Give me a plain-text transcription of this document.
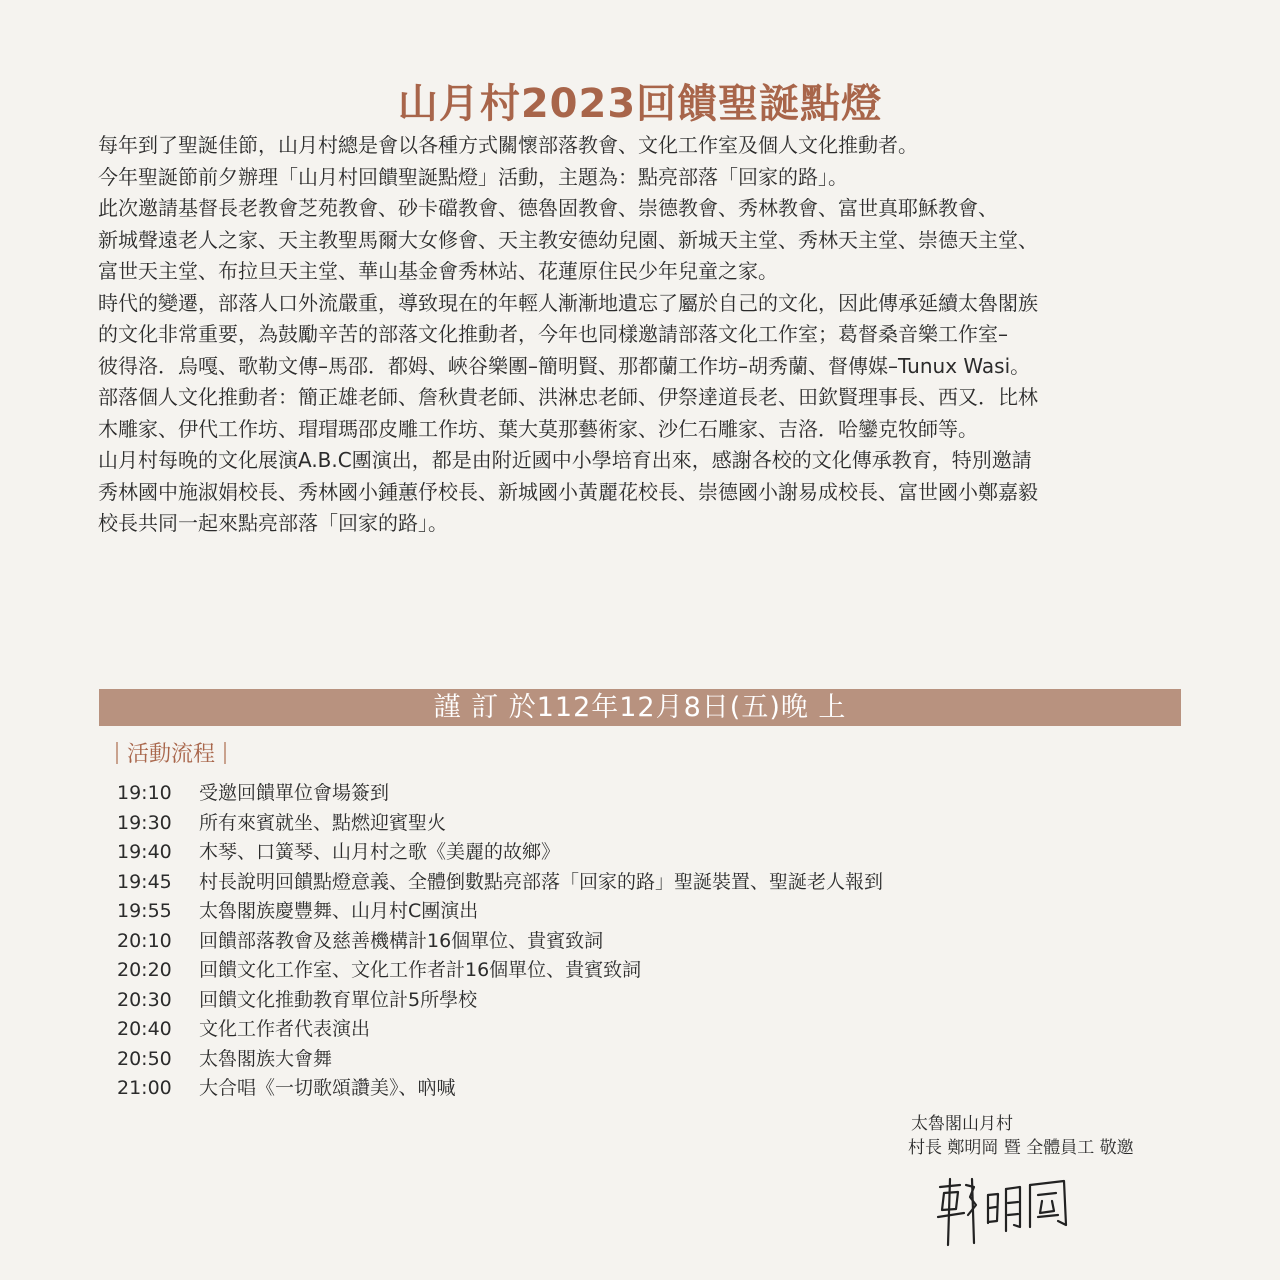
山月村2023回饋聖誕點燈
每年到了聖誕佳節，山月村總是會以各種方式關懷部落教會、文化工作室及個人文化推動者。
今年聖誕節前夕辦理「山月村回饋聖誕點燈」活動，主題為：點亮部落「回家的路」。
此次邀請基督長老教會芝苑教會、砂卡礑教會、德魯固教會、崇德教會、秀林教會、富世真耶穌教會、
新城聲遠老人之家、天主教聖馬爾大女修會、天主教安德幼兒園、新城天主堂、秀林天主堂、崇德天主堂、
富世天主堂、布拉旦天主堂、華山基金會秀林站、花蓮原住民少年兒童之家。
時代的變遷，部落人口外流嚴重，導致現在的年輕人漸漸地遺忘了屬於自己的文化，因此傳承延續太魯閣族
的文化非常重要，為鼓勵辛苦的部落文化推動者，今年也同樣邀請部落文化工作室；葛督桑音樂工作室–
彼得洛．烏嘎、歌勒文傳–馬邵．都姆、峽谷樂團–簡明賢、那都蘭工作坊–胡秀蘭、督傳媒–Tunux Wasi。
部落個人文化推動者：簡正雄老師、詹秋貴老師、洪淋忠老師、伊祭達道長老、田欽賢理事長、西又．比林
木雕家、伊代工作坊、瑁瑁瑪邵皮雕工作坊、葉大莫那藝術家、沙仁石雕家、吉洛．哈鑾克牧師等。
山月村每晚的文化展演A.B.C團演出，都是由附近國中小學培育出來，感謝各校的文化傳承教育，特別邀請
秀林國中施淑娟校長、秀林國小鍾蕙伃校長、新城國小黃麗花校長、崇德國小謝易成校長、富世國小鄭嘉毅
校長共同一起來點亮部落「回家的路」。
謹 訂 於112年12月8日(五)晚 上
活動流程
19:10 受邀回饋單位會場簽到
19:30 所有來賓就坐、點燃迎賓聖火
19:40 木琴、口簧琴、山月村之歌《美麗的故鄉》
19:45 村長說明回饋點燈意義、全體倒數點亮部落「回家的路」聖誕裝置、聖誕老人報到
19:55 太魯閣族慶豐舞、山月村C團演出
20:10 回饋部落教會及慈善機構計16個單位、貴賓致詞
20:20 回饋文化工作室、文化工作者計16個單位、貴賓致詞
20:30 回饋文化推動教育單位計5所學校
20:40 文化工作者代表演出
20:50 太魯閣族大會舞
21:00 大合唱《一切歌頌讚美》、吶喊
太魯閣山月村
村長 鄭明岡 暨 全體員工 敬邀
